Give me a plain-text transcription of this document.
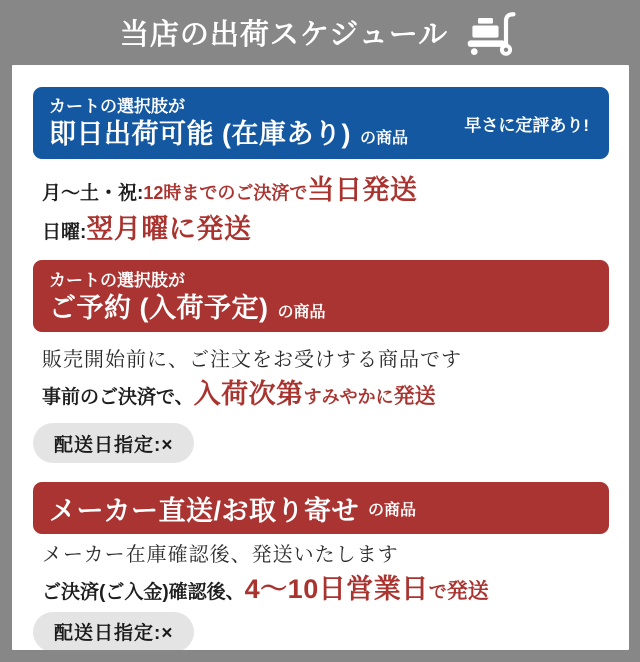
当店の出荷スケジュール
カートの選択肢が
即日出荷可能 (在庫あり) の商品
早さに定評あり!
月〜土・祝:12時までのご決済で当日発送
日曜:翌月曜に発送
カートの選択肢が
ご予約 (入荷予定) の商品
販売開始前に、ご注文をお受けする商品です
事前のご決済で、入荷次第すみやかに発送
配送日指定:×
メーカー直送/お取り寄せ の商品
メーカー在庫確認後、発送いたします
ご決済(ご入金)確認後、4〜10日営業日で発送
配送日指定:×
